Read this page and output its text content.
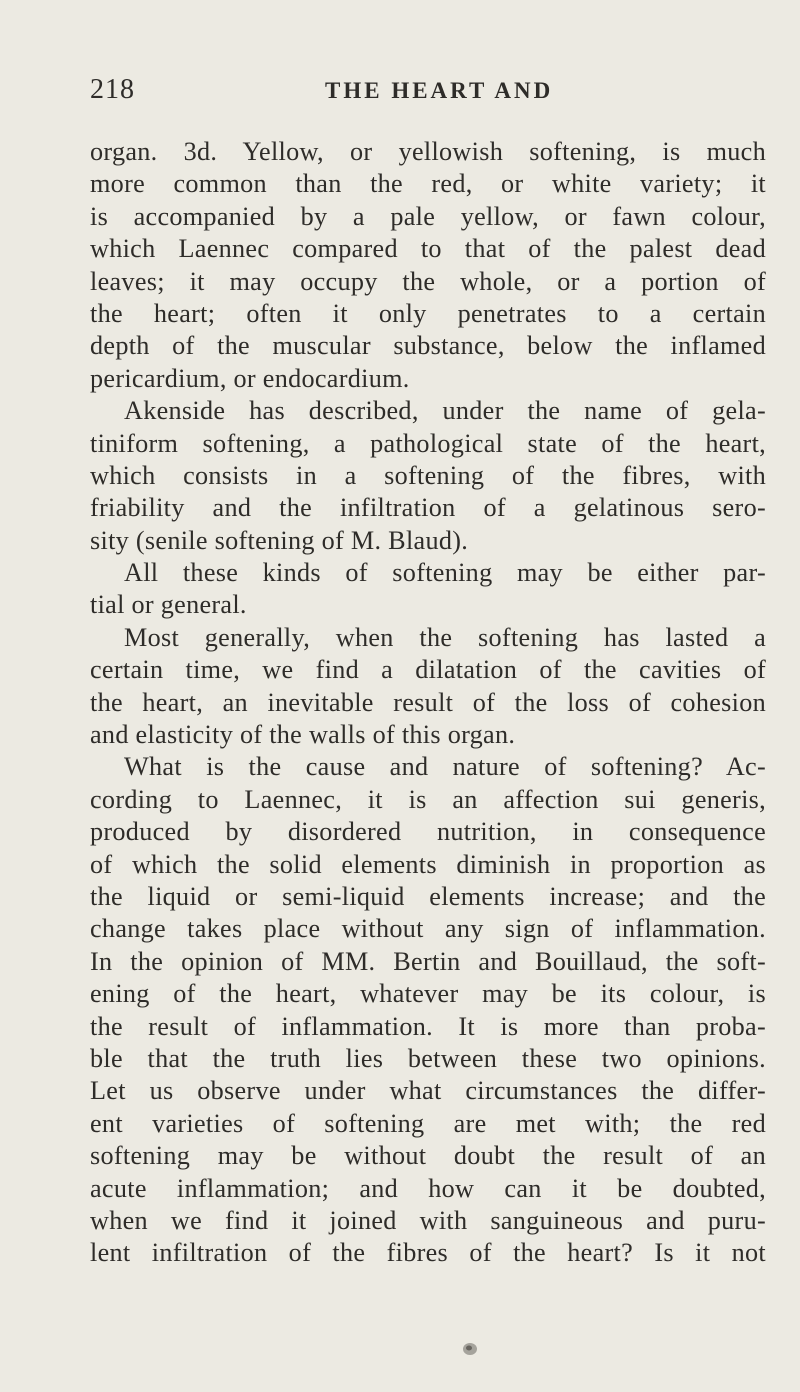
218	THE HEART AND
organ. 3d. Yellow, or yellowish softening, is much
more common than the red, or white variety; it
is accompanied by a pale yellow, or fawn colour,
which Laennec compared to that of the palest dead
leaves; it may occupy the whole, or a portion of
the heart; often it only penetrates to a certain
depth of the muscular substance, below the inflamed
pericardium, or endocardium.
Akenside has described, under the name of gela-
tiniform softening, a pathological state of the heart,
which consists in a softening of the fibres, with
friability and the infiltration of a gelatinous sero-
sity (senile softening of M. Blaud).
All these kinds of softening may be either par-
tial or general.
Most generally, when the softening has lasted a
certain time, we find a dilatation of the cavities of
the heart, an inevitable result of the loss of cohesion
and elasticity of the walls of this organ.
What is the cause and nature of softening? Ac-
cording to Laennec, it is an affection sui generis,
produced by disordered nutrition, in consequence
of which the solid elements diminish in proportion as
the liquid or semi-liquid elements increase; and the
change takes place without any sign of inflammation.
In the opinion of MM. Bertin and Bouillaud, the soft-
ening of the heart, whatever may be its colour, is
the result of inflammation. It is more than proba-
ble that the truth lies between these two opinions.
Let us observe under what circumstances the differ-
ent varieties of softening are met with; the red
softening may be without doubt the result of an
acute inflammation; and how can it be doubted,
when we find it joined with sanguineous and puru-
lent infiltration of the fibres of the heart? Is it not
